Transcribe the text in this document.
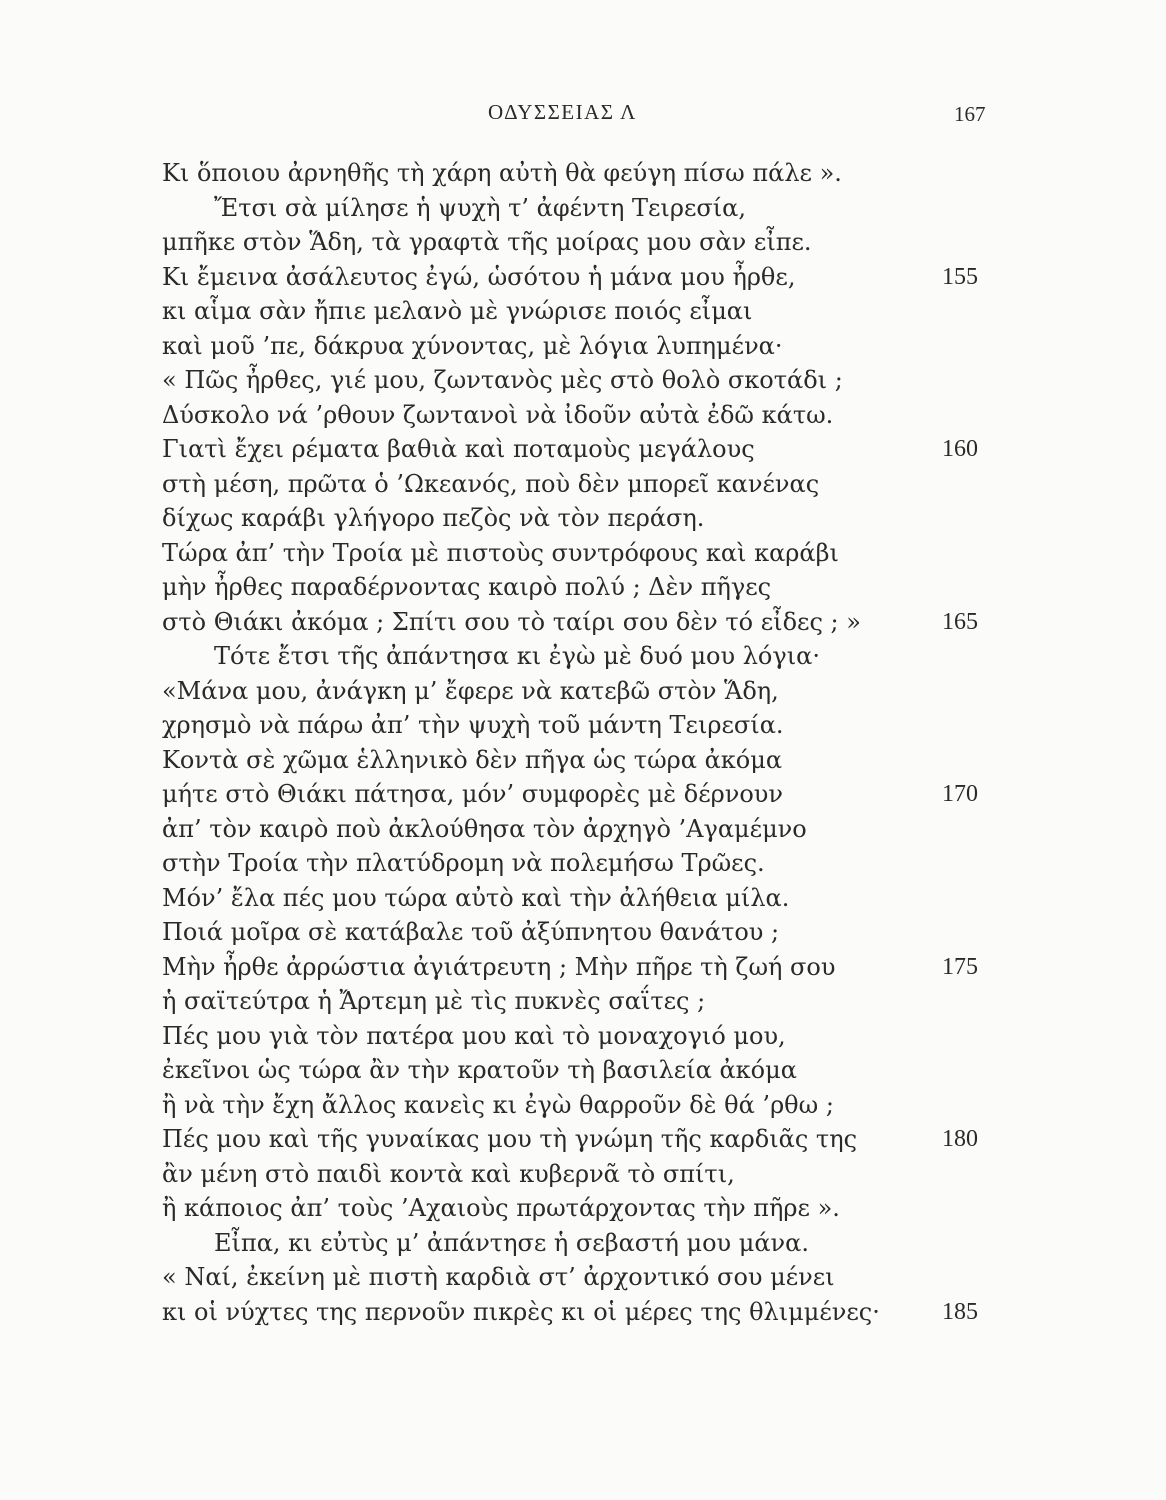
ΟΔΥΣΣΕΙΑΣ Λ	167
Κι ὅποιου ἀρνηθῆς τὴ χάρη αὐτὴ θὰ φεύγη πίσω πάλε ».
Ἔτσι σὰ μίλησε ἡ ψυχὴ τ’ ἀφέντη Τειρεσία,
μπῆκε στὸν Ἅδη, τὰ γραφτὰ τῆς μοίρας μου σὰν εἶπε.
Κι ἔμεινα ἀσάλευτος ἐγώ, ὡσότου ἡ μάνα μου ἦρθε,	155
κι αἷμα σὰν ἤπιε μελανὸ μὲ γνώρισε ποιός εἶμαι
καὶ μοῦ ’πε, δάκρυα χύνοντας, μὲ λόγια λυπημένα·
« Πῶς ἦρθες, γιέ μου, ζωντανὸς μὲς στὸ θολὸ σκοτάδι ;
Δύσκολο νά ’ρθουν ζωντανοὶ νὰ ἰδοῦν αὐτὰ ἐδῶ κάτω.
Γιατὶ ἔχει ρέματα βαθιὰ καὶ ποταμοὺς μεγάλους	160
στὴ μέση, πρῶτα ὁ ’Ωκεανός, ποὺ δὲν μπορεῖ κανένας
δίχως καράβι γλήγορο πεζὸς νὰ τὸν περάση.
Τώρα ἀπ’ τὴν Τροία μὲ πιστοὺς συντρόφους καὶ καράβι
μὴν ἦρθες παραδέρνοντας καιρὸ πολύ ; Δὲν πῆγες
στὸ Θιάκι ἀκόμα ; Σπίτι σου τὸ ταίρι σου δὲν τό εἶδες ; »	165
Τότε ἔτσι τῆς ἀπάντησα κι ἐγὼ μὲ δυό μου λόγια·
«Μάνα μου, ἀνάγκη μ’ ἔφερε νὰ κατεβῶ στὸν Ἅδη,
χρησμὸ νὰ πάρω ἀπ’ τὴν ψυχὴ τοῦ μάντη Τειρεσία.
Κοντὰ σὲ χῶμα ἑλληνικὸ δὲν πῆγα ὡς τώρα ἀκόμα
μήτε στὸ Θιάκι πάτησα, μόν’ συμφορὲς μὲ δέρνουν	170
ἀπ’ τὸν καιρὸ ποὺ ἀκλούθησα τὸν ἀρχηγὸ ’Αγαμέμνο
στὴν Τροία τὴν πλατύδρομη νὰ πολεμήσω Τρῶες.
Μόν’ ἔλα πές μου τώρα αὐτὸ καὶ τὴν ἀλήθεια μίλα.
Ποιά μοῖρα σὲ κατάβαλε τοῦ ἀξύπνητου θανάτου ;
Μὴν ἦρθε ἀρρώστια ἀγιάτρευτη ; Μὴν πῆρε τὴ ζωή σου	175
ἡ σαϊτεύτρα ἡ Ἄρτεμη μὲ τὶς πυκνὲς σαΐτες ;
Πές μου γιὰ τὸν πατέρα μου καὶ τὸ μοναχογιό μου,
ἐκεῖνοι ὡς τώρα ἂν τὴν κρατοῦν τὴ βασιλεία ἀκόμα
ἢ νὰ τὴν ἔχη ἄλλος κανεὶς κι ἐγὼ θαρροῦν δὲ θά ’ρθω ;
Πές μου καὶ τῆς γυναίκας μου τὴ γνώμη τῆς καρδιᾶς της	180
ἂν μένη στὸ παιδὶ κοντὰ καὶ κυβερνᾶ τὸ σπίτι,
ἢ κάποιος ἀπ’ τοὺς ’Αχαιοὺς πρωτάρχοντας τὴν πῆρε ».
Εἶπα, κι εὐτὺς μ’ ἀπάντησε ἡ σεβαστή μου μάνα.
« Ναί, ἐκείνη μὲ πιστὴ καρδιὰ στ’ ἀρχοντικό σου μένει
κι οἱ νύχτες της περνοῦν πικρὲς κι οἱ μέρες της θλιμμένες·	185
